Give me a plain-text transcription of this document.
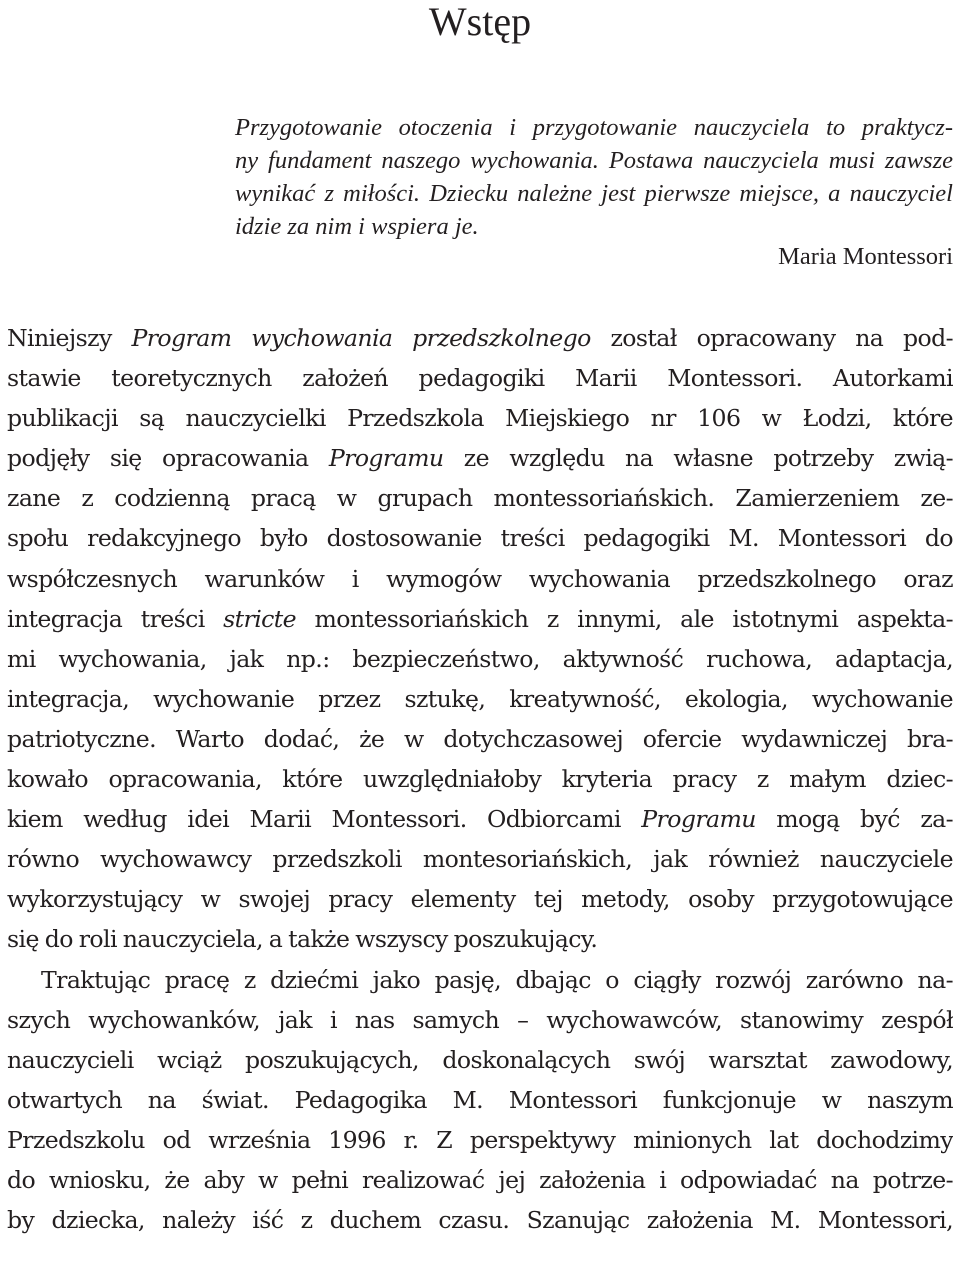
Wstęp
Przygotowanie otoczenia i przygotowanie nauczyciela to praktycz-
ny fundament naszego wychowania. Postawa nauczyciela musi zawsze
wynikać z miłości. Dziecku należne jest pierwsze miejsce, a nauczyciel
idzie za nim i wspiera je.
Maria Montessori
Niniejszy Program wychowania przedszkolnego został opracowany na pod-
stawie teoretycznych założeń pedagogiki Marii Montessori. Autorkami
publikacji są nauczycielki Przedszkola Miejskiego nr 106 w Łodzi, które
podjęły się opracowania Programu ze względu na własne potrzeby zwią-
zane z codzienną pracą w grupach montessoriańskich. Zamierzeniem ze-
społu redakcyjnego było dostosowanie treści pedagogiki M. Montessori do
współczesnych warunków i wymogów wychowania przedszkolnego oraz
integracja treści stricte montessoriańskich z innymi, ale istotnymi aspekta-
mi wychowania, jak np.: bezpieczeństwo, aktywność ruchowa, adaptacja,
integracja, wychowanie przez sztukę, kreatywność, ekologia, wychowanie
patriotyczne. Warto dodać, że w dotychczasowej ofercie wydawniczej bra-
kowało opracowania, które uwzględniałoby kryteria pracy z małym dziec-
kiem według idei Marii Montessori. Odbiorcami Programu mogą być za-
równo wychowawcy przedszkoli montesoriańskich, jak również nauczyciele
wykorzystujący w swojej pracy elementy tej metody, osoby przygotowujące
się do roli nauczyciela, a także wszyscy poszukujący.
Traktując pracę z dziećmi jako pasję, dbając o ciągły rozwój zarówno na-
szych wychowanków, jak i nas samych – wychowawców, stanowimy zespół
nauczycieli wciąż poszukujących, doskonalących swój warsztat zawodowy,
otwartych na świat. Pedagogika M. Montessori funkcjonuje w naszym
Przedszkolu od września 1996 r. Z perspektywy minionych lat dochodzimy
do wniosku, że aby w pełni realizować jej założenia i odpowiadać na potrze-
by dziecka, należy iść z duchem czasu. Szanując założenia M. Montessori,
